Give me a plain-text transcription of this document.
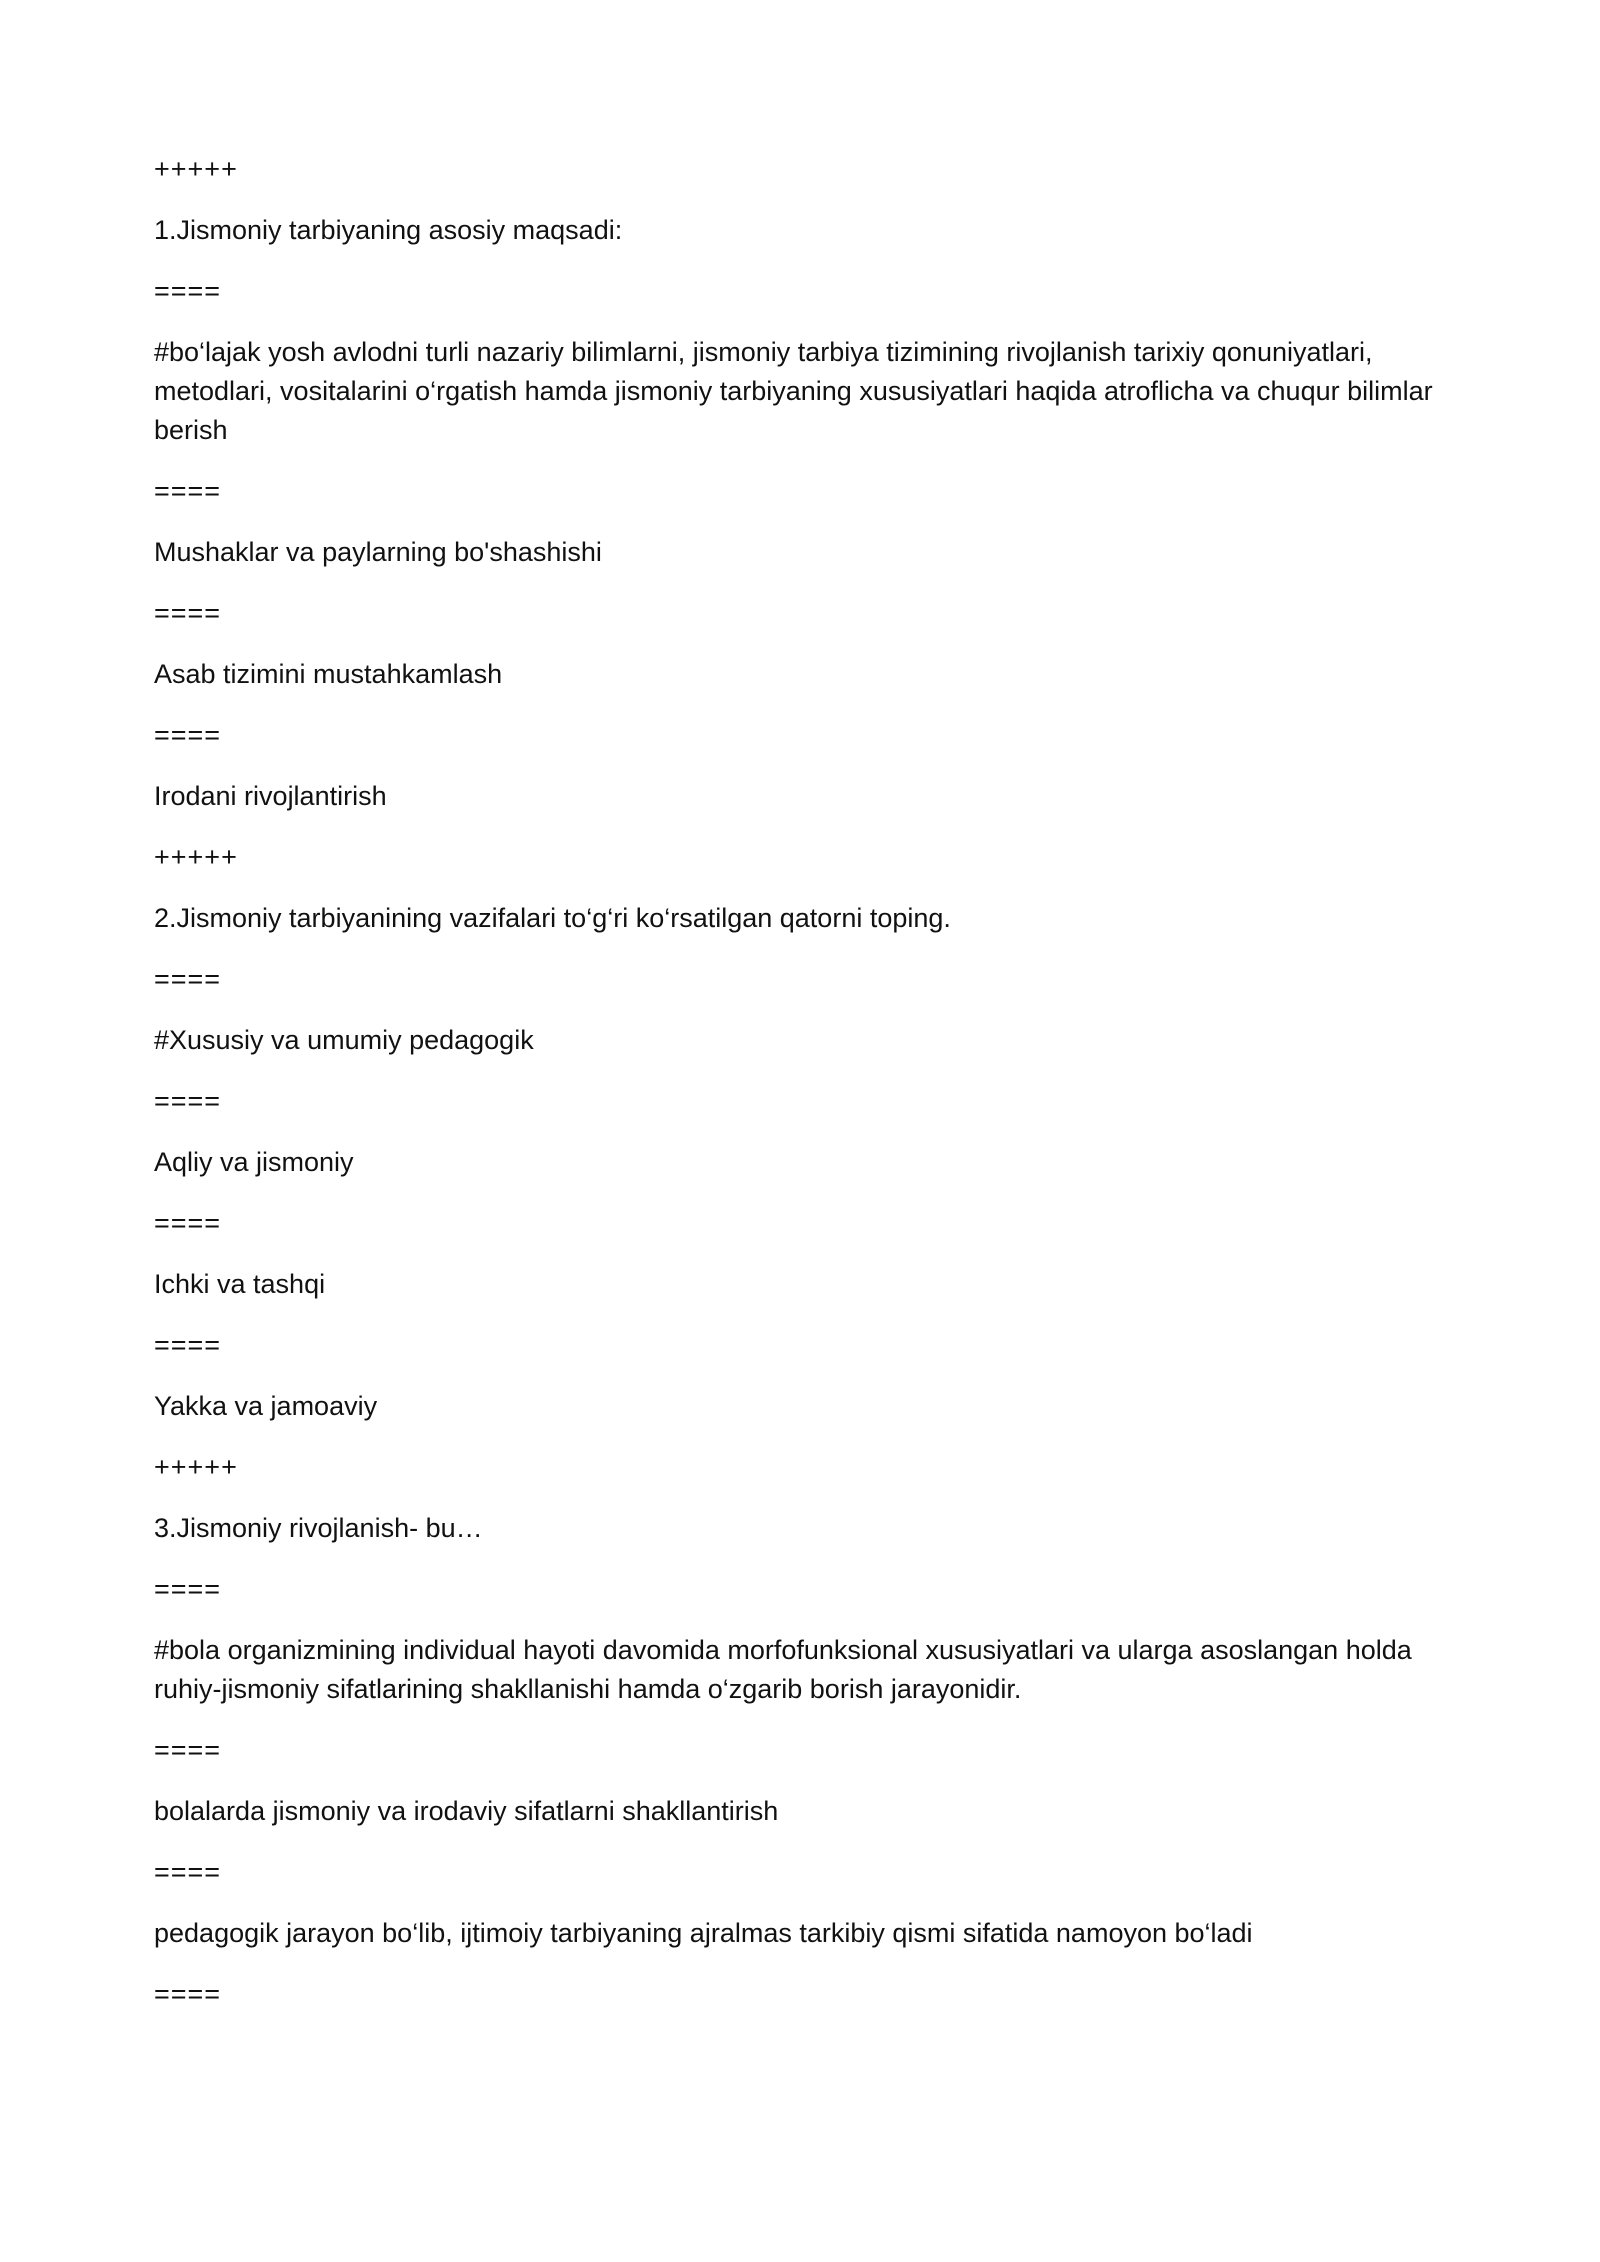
+++++
1.Jismoniy tarbiyaning asosiy maqsadi:
====
#bo‘lajak yosh avlodni turli nazariy bilimlarni, jismoniy tarbiya tizimining rivojlanish tarixiy qonuniyatlari, metodlari, vositalarini o‘rgatish hamda jismoniy tarbiyaning xususiyatlari haqida atroflicha va chuqur bilimlar berish
====
Mushaklar va paylarning bo'shashishi
====
Asab tizimini mustahkamlash
====
Irodani rivojlantirish
+++++
2.Jismoniy tarbiyanining vazifalari to‘g‘ri ko‘rsatilgan qatorni toping.
====
#Xususiy va umumiy pedagogik
====
Aqliy va jismoniy
====
Ichki va tashqi
====
Yakka va jamoaviy
+++++
3.Jismoniy rivojlanish- bu…
====
#bola organizmining individual hayoti davomida morfofunksional xususiyatlari va ularga asoslangan holda ruhiy-jismoniy sifatlarining shakllanishi hamda o‘zgarib borish jarayonidir.
====
bolalarda jismoniy va irodaviy sifatlarni shakllantirish
====
pedagogik jarayon bo‘lib, ijtimoiy tarbiyaning ajralmas tarkibiy qismi sifatida namoyon bo‘ladi
====
